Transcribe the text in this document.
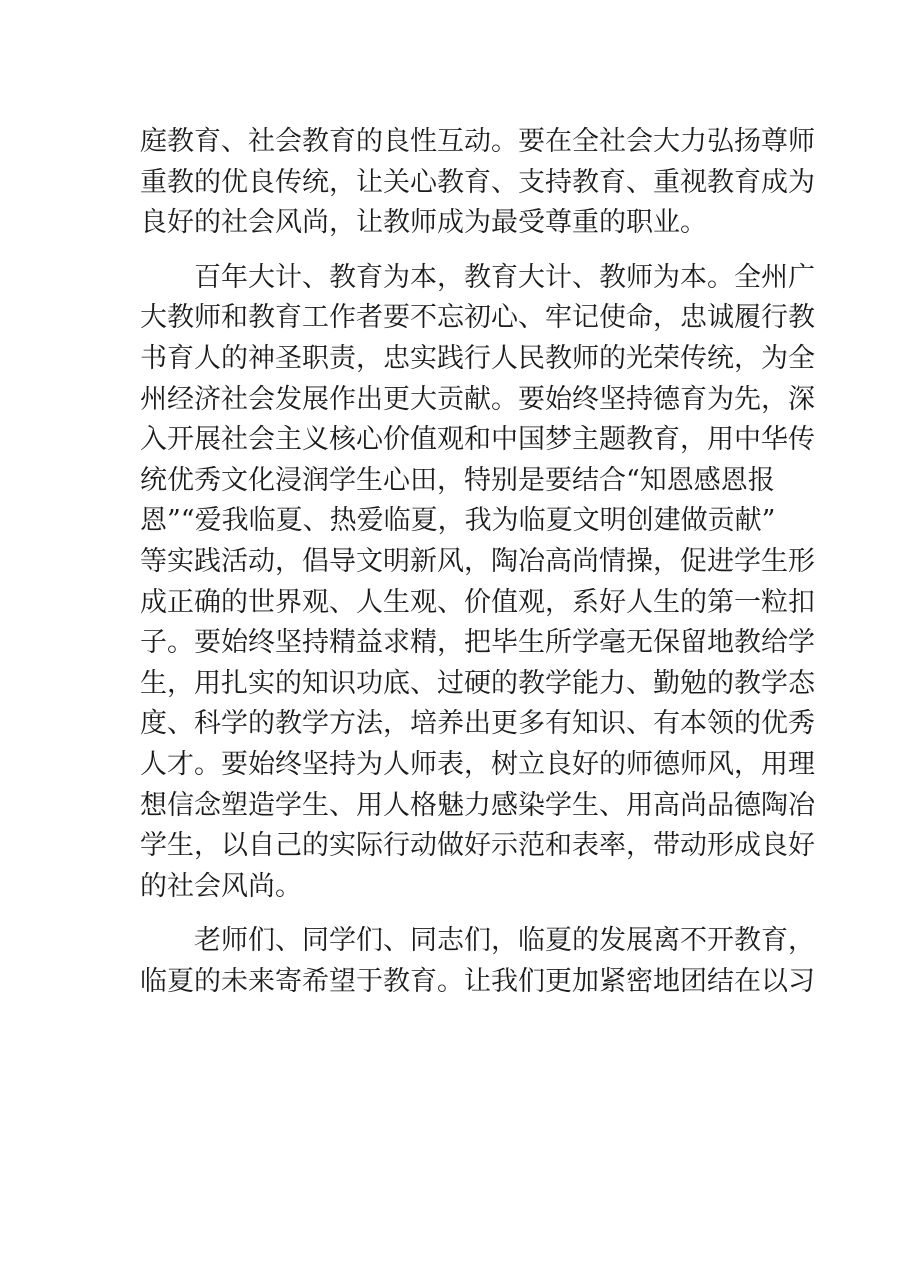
庭教育、社会教育的良性互动。要在全社会大力弘扬尊师
重教的优良传统，让关心教育、支持教育、重视教育成为
良好的社会风尚，让教师成为最受尊重的职业。
百年大计、教育为本，教育大计、教师为本。全州广
大教师和教育工作者要不忘初心、牢记使命，忠诚履行教
书育人的神圣职责，忠实践行人民教师的光荣传统，为全
州经济社会发展作出更大贡献。要始终坚持德育为先，深
入开展社会主义核心价值观和中国梦主题教育，用中华传
统优秀文化浸润学生心田，特别是要结合“知恩感恩报
恩”“爱我临夏、热爱临夏，我为临夏文明创建做贡献”
等实践活动，倡导文明新风，陶冶高尚情操，促进学生形
成正确的世界观、人生观、价值观，系好人生的第一粒扣
子。要始终坚持精益求精，把毕生所学毫无保留地教给学
生，用扎实的知识功底、过硬的教学能力、勤勉的教学态
度、科学的教学方法，培养出更多有知识、有本领的优秀
人才。要始终坚持为人师表，树立良好的师德师风，用理
想信念塑造学生、用人格魅力感染学生、用高尚品德陶冶
学生，以自己的实际行动做好示范和表率，带动形成良好
的社会风尚。
老师们、同学们、同志们，临夏的发展离不开教育，
临夏的未来寄希望于教育。让我们更加紧密地团结在以习
